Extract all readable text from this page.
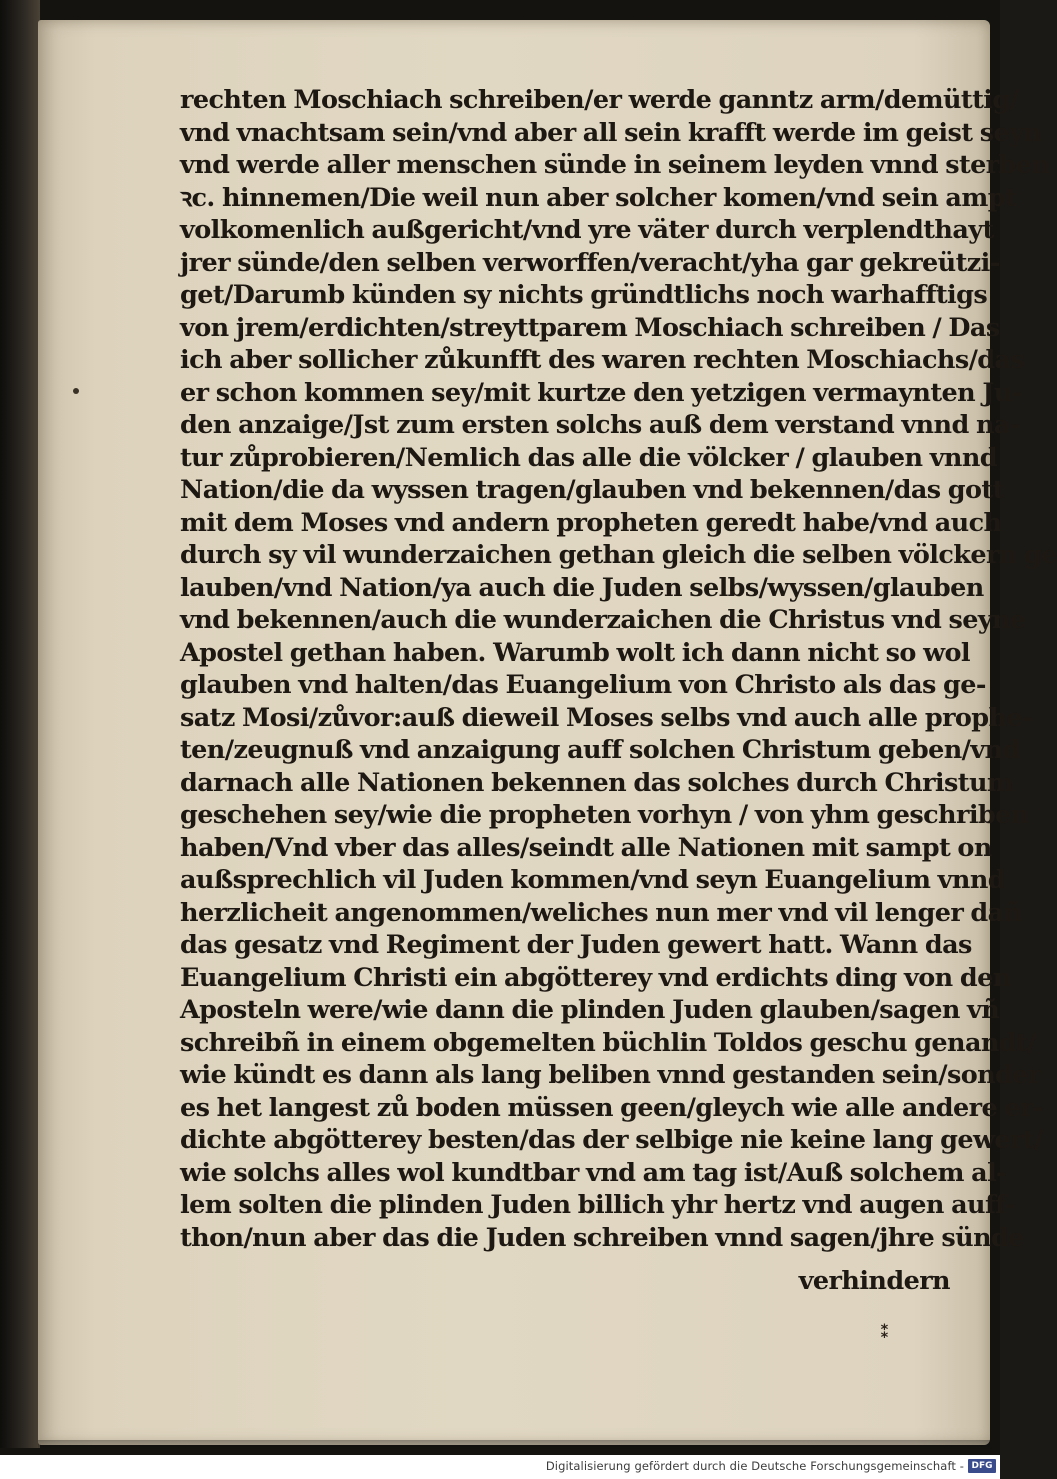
rechten Moschiach schreiben/er werde ganntz arm/demüttig/
vnd vnachtsam sein/vnd aber all sein krafft werde im geist seyn
vnd werde aller menschen sünde in seinem leyden vnnd sterben
ꝛc. hinnemen/Die weil nun aber solcher komen/vnd sein ampt
volkomenlich außgericht/vnd yre väter durch verplendthayt
jrer sünde/den selben verworffen/veracht/yha gar gekreützi-
get/Darumb künden sy nichts gründtlichs noch warhafftigs
von jrem/erdichten/streyttparem Moschiach schreiben / Das
ich aber sollicher zůkunfft des waren rechten Moschiachs/das
er schon kommen sey/mit kurtze den yetzigen vermaynten Ju-
den anzaige/Jst zum ersten solchs auß dem verstand vnnd na-
tur zůprobieren/Nemlich das alle die völcker / glauben vnnd
Nation/die da wyssen tragen/glauben vnd bekennen/das gott
mit dem Moses vnd andern propheten geredt habe/vnd auch
durch sy vil wunderzaichen gethan gleich die selben völckern ge
lauben/vnd Nation/ya auch die Juden selbs/wyssen/glauben
vnd bekennen/auch die wunderzaichen die Christus vnd seyne
Apostel gethan haben. Warumb wolt ich dann nicht so wol
glauben vnd halten/das Euangelium von Christo als das ge-
satz Mosi/zůvor:auß dieweil Moses selbs vnd auch alle prophe-
ten/zeugnuß vnd anzaigung auff solchen Christum geben/vnd
darnach alle Nationen bekennen das solches durch Christum
geschehen sey/wie die propheten vorhyn / von yhm geschriben
haben/Vnd vber das alles/seindt alle Nationen mit sampt on
außsprechlich vil Juden kommen/vnd seyn Euangelium vnnd
herzlicheit angenommen/weliches nun mer vnd vil lenger dañ
das gesatz vnd Regiment der Juden gewert hatt. Wann das
Euangelium Christi ein abgötterey vnd erdichts ding von den
Aposteln were/wie dann die plinden Juden glauben/sagen vñ
schreibñ in einem obgemelten büchlin Toldos geschu genandt/
wie kündt es dann als lang beliben vnnd gestanden sein/sonder
es het langest zů boden müssen geen/gleych wie alle andere er-
dichte abgötterey besten/das der selbige nie keine lang gewert/
wie solchs alles wol kundtbar vnd am tag ist/Auß solchem al-
lem solten die plinden Juden billich yhr hertz vnd augen auff-
thon/nun aber das die Juden schreiben vnnd sagen/jhre sünde
verhindern
⁑
Digitalisierung gefördert durch die Deutsche Forschungsgemeinschaft - DFG
